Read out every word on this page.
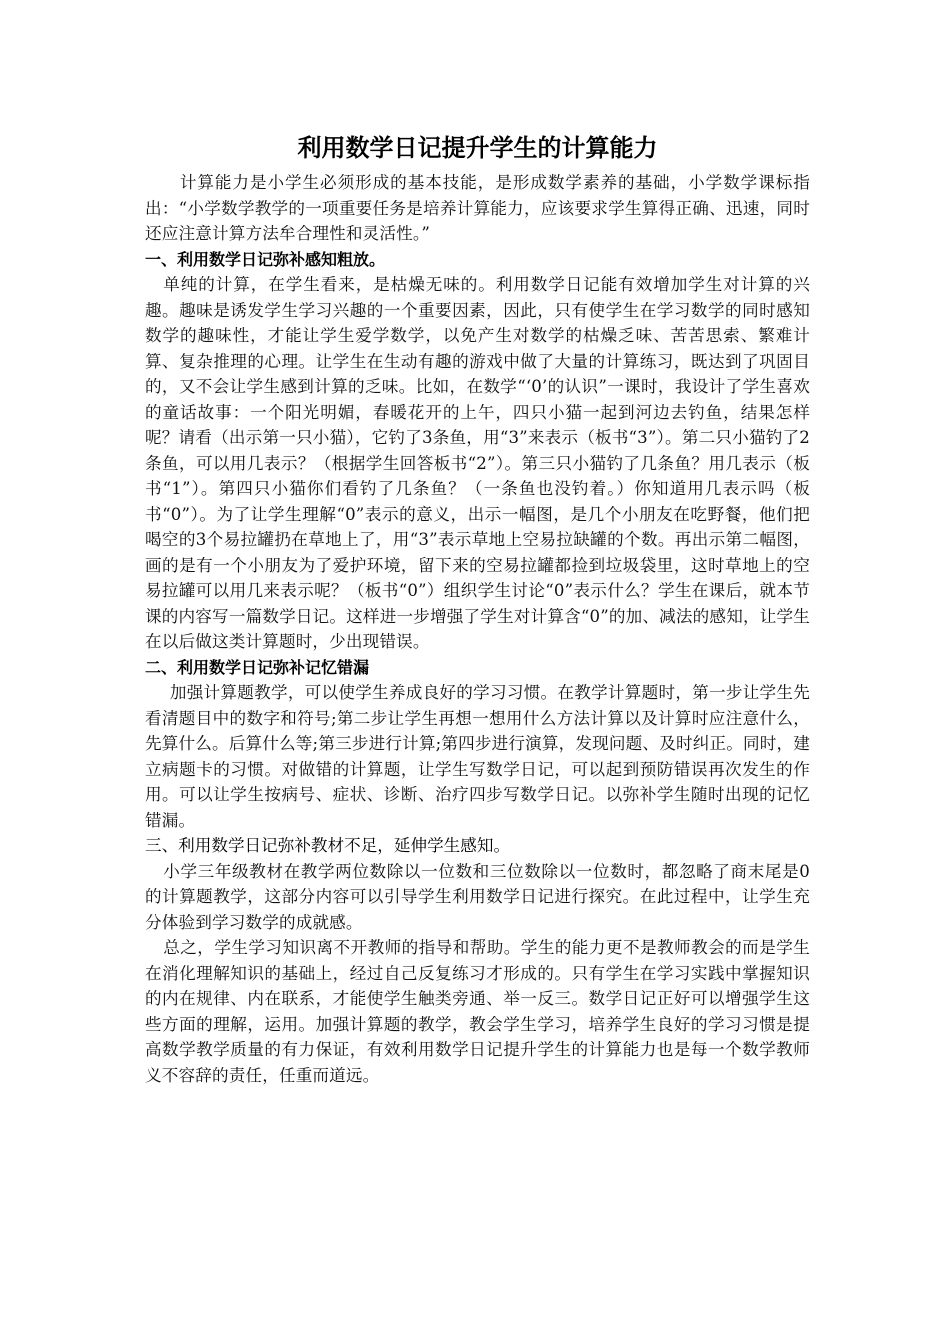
利用数学日记提升学生的计算能力

计算能力是小学生必须形成的基本技能，是形成数学素养的基础，小学数学课标指出：“小学数学教学的一项重要任务是培养计算能力，应该要求学生算得正确、迅速，同时还应注意计算方法牟合理性和灵活性。”

一、利用数学日记弥补感知粗放。

单纯的计算，在学生看来，是枯燥无味的。利用数学日记能有效增加学生对计算的兴趣。趣味是诱发学生学习兴趣的一个重要因素，因此，只有使学生在学习数学的同时感知数学的趣味性，才能让学生爱学数学，以免产生对数学的枯燥乏味、苦苦思索、繁难计算、复杂推理的心理。让学生在生动有趣的游戏中做了大量的计算练习，既达到了巩固目的，又不会让学生感到计算的乏味。比如，在数学“‘0’的认识”一课时，我设计了学生喜欢的童话故事：一个阳光明媚，春暖花开的上午，四只小猫一起到河边去钓鱼，结果怎样呢？请看（出示第一只小猫），它钓了3条鱼，用“3”来表示（板书“3”）。第二只小猫钓了2条鱼，可以用几表示？（根据学生回答板书“2”）。第三只小猫钓了几条鱼？用几表示（板书“1”）。第四只小猫你们看钓了几条鱼？（一条鱼也没钓着。）你知道用几表示吗（板书“0”）。为了让学生理解“0”表示的意义，出示一幅图，是几个小朋友在吃野餐，他们把喝空的3个易拉罐扔在草地上了，用“3”表示草地上空易拉缺罐的个数。再出示第二幅图，画的是有一个小朋友为了爱护环境，留下来的空易拉罐都捡到垃圾袋里，这时草地上的空易拉罐可以用几来表示呢？（板书“0”）组织学生讨论“0”表示什么？学生在课后，就本节课的内容写一篇数学日记。这样进一步增强了学生对计算含“0”的加、减法的感知，让学生在以后做这类计算题时，少出现错误。

二、利用数学日记弥补记忆错漏

加强计算题教学，可以使学生养成良好的学习习惯。在教学计算题时，第一步让学生先看清题目中的数字和符号;第二步让学生再想一想用什么方法计算以及计算时应注意什么，先算什么。后算什么等;第三步进行计算;第四步进行演算，发现问题、及时纠正。同时，建立病题卡的习惯。对做错的计算题，让学生写数学日记，可以起到预防错误再次发生的作用。可以让学生按病号、症状、诊断、治疗四步写数学日记。以弥补学生随时出现的记忆错漏。

三、利用数学日记弥补教材不足，延伸学生感知。

小学三年级教材在教学两位数除以一位数和三位数除以一位数时，都忽略了商末尾是0的计算题教学，这部分内容可以引导学生利用数学日记进行探究。在此过程中，让学生充分体验到学习数学的成就感。

总之，学生学习知识离不开教师的指导和帮助。学生的能力更不是教师教会的而是学生在消化理解知识的基础上，经过自己反复练习才形成的。只有学生在学习实践中掌握知识的内在规律、内在联系，才能使学生触类旁通、举一反三。数学日记正好可以增强学生这些方面的理解，运用。加强计算题的教学，教会学生学习，培养学生良好的学习习惯是提高数学教学质量的有力保证，有效利用数学日记提升学生的计算能力也是每一个数学教师义不容辞的责任，任重而道远。
